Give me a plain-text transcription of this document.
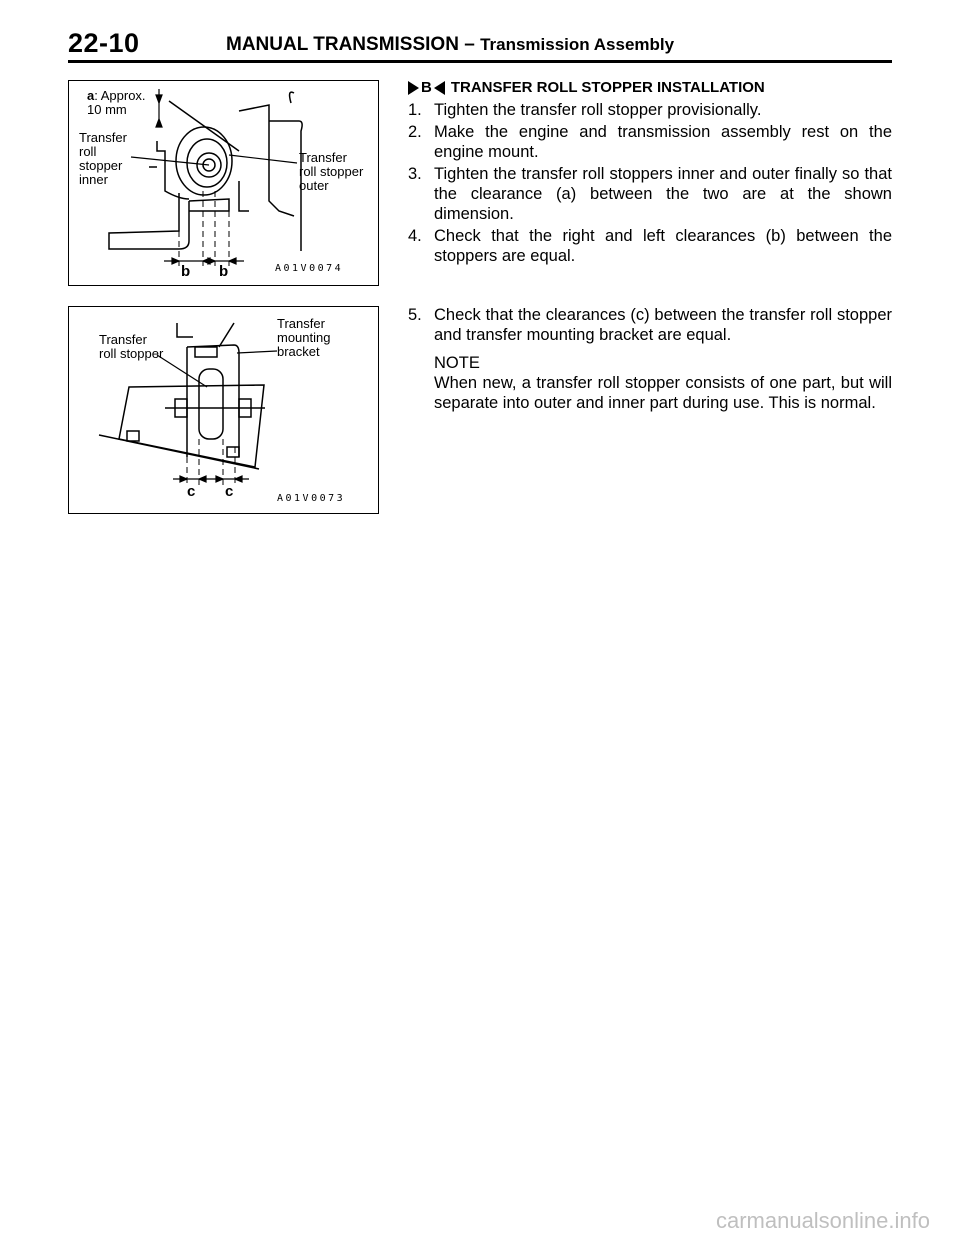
22-10	MANUAL TRANSMISSION – Transmission Assembly
a: Approx.
10 mm
Transfer
roll
stopper
inner
Transfer
roll stopper
outer
b b	A01V0074
Transfer
roll stopper
Transfer
mounting
bracket
c c	A01V0073
B TRANSFER ROLL STOPPER INSTALLATION
1. Tighten the transfer roll stopper provisionally.
2. Make the engine and transmission assembly rest on the engine mount.
3. Tighten the transfer roll stoppers inner and outer finally so that the clearance (a) between the two are at the shown dimension.
4. Check that the right and left clearances (b) between the stoppers are equal.
5. Check that the clearances (c) between the transfer roll stopper and transfer mounting bracket are equal.
NOTE
When new, a transfer roll stopper consists of one part, but will separate into outer and inner part during use. This is normal.
carmanualsonline.info
